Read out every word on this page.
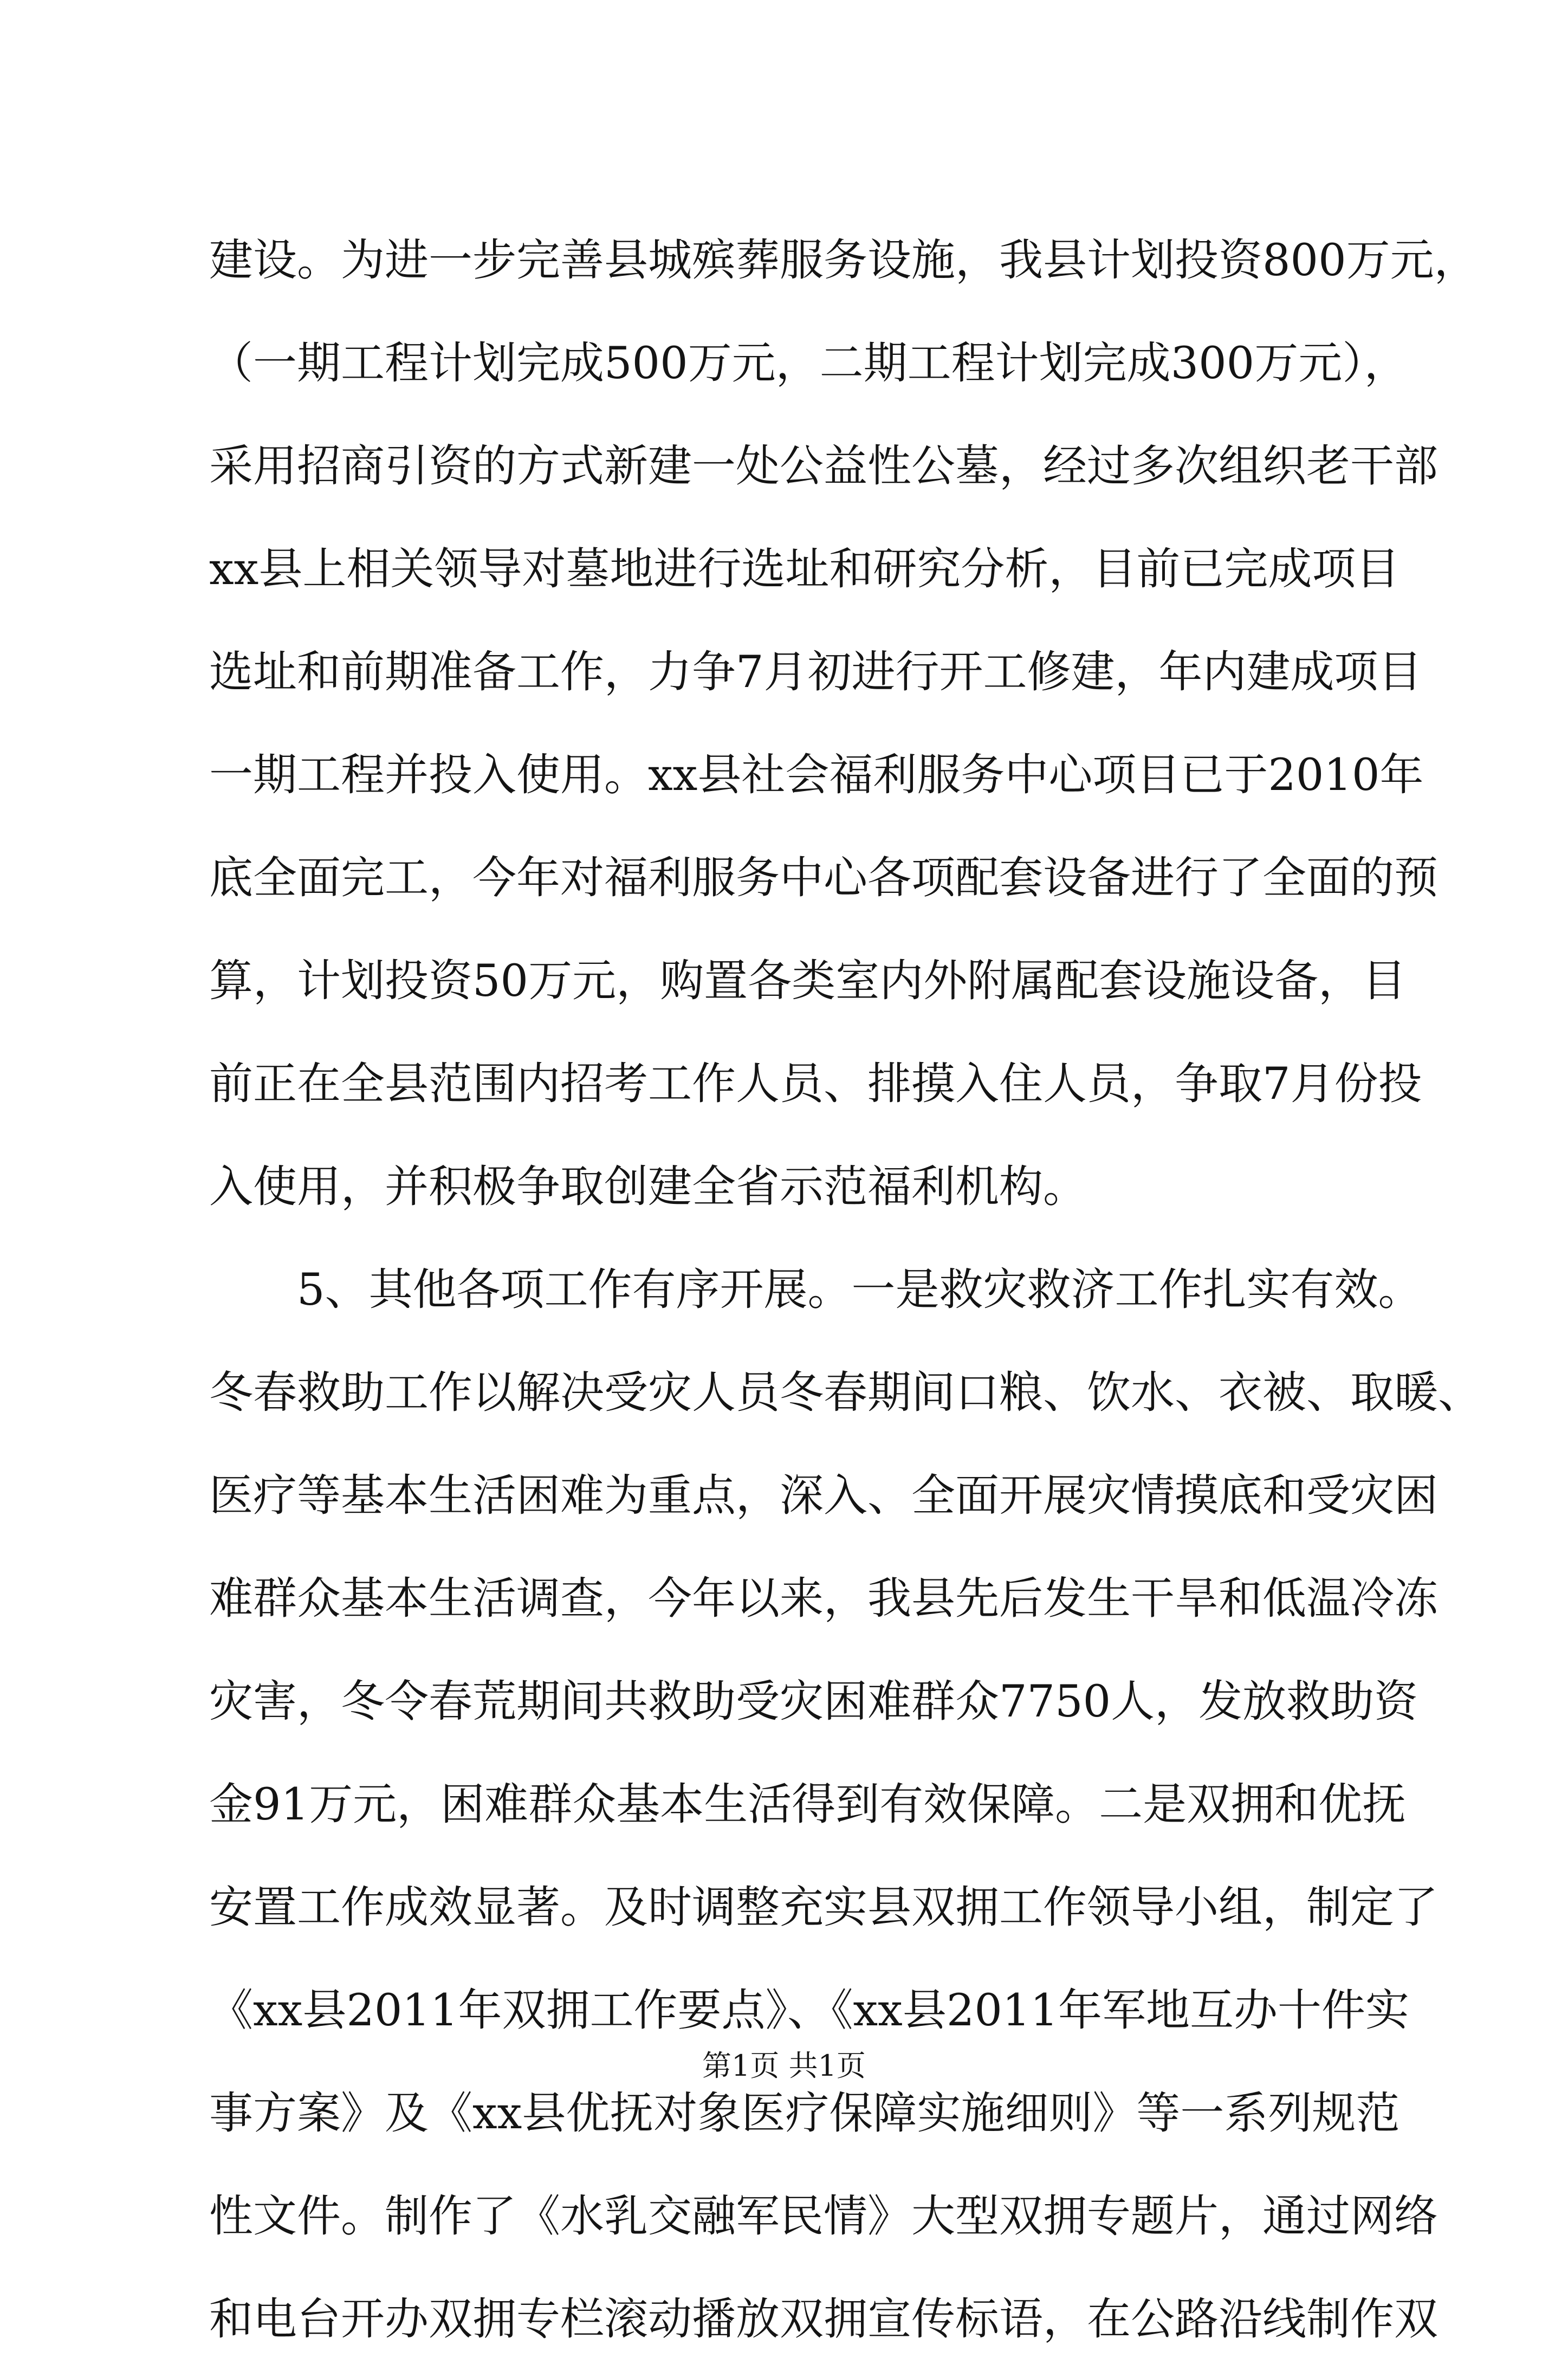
建设。为进一步完善县城殡葬服务设施，我县计划投资800万元，
（一期工程计划完成500万元，二期工程计划完成300万元），
采用招商引资的方式新建一处公益性公墓，经过多次组织老干部
xx县上相关领导对墓地进行选址和研究分析，目前已完成项目
选址和前期准备工作，力争7月初进行开工修建，年内建成项目
一期工程并投入使用。xx县社会福利服务中心项目已于2010年
底全面完工，今年对福利服务中心各项配套设备进行了全面的预
算，计划投资50万元，购置各类室内外附属配套设施设备，目
前正在全县范围内招考工作人员、排摸入住人员，争取7月份投
入使用，并积极争取创建全省示范福利机构。
5、其他各项工作有序开展。一是救灾救济工作扎实有效。
冬春救助工作以解决受灾人员冬春期间口粮、饮水、衣被、取暖、
医疗等基本生活困难为重点，深入、全面开展灾情摸底和受灾困
难群众基本生活调查，今年以来，我县先后发生干旱和低温冷冻
灾害，冬令春荒期间共救助受灾困难群众7750人，发放救助资
金91万元，困难群众基本生活得到有效保障。二是双拥和优抚
安置工作成效显著。及时调整充实县双拥工作领导小组，制定了
《xx县2011年双拥工作要点》、《xx县2011年军地互办十件实
事方案》及《xx县优抚对象医疗保障实施细则》等一系列规范
性文件。制作了《水乳交融军民情》大型双拥专题片，通过网络
和电台开办双拥专栏滚动播放双拥宣传标语，在公路沿线制作双
第1页 共1页
